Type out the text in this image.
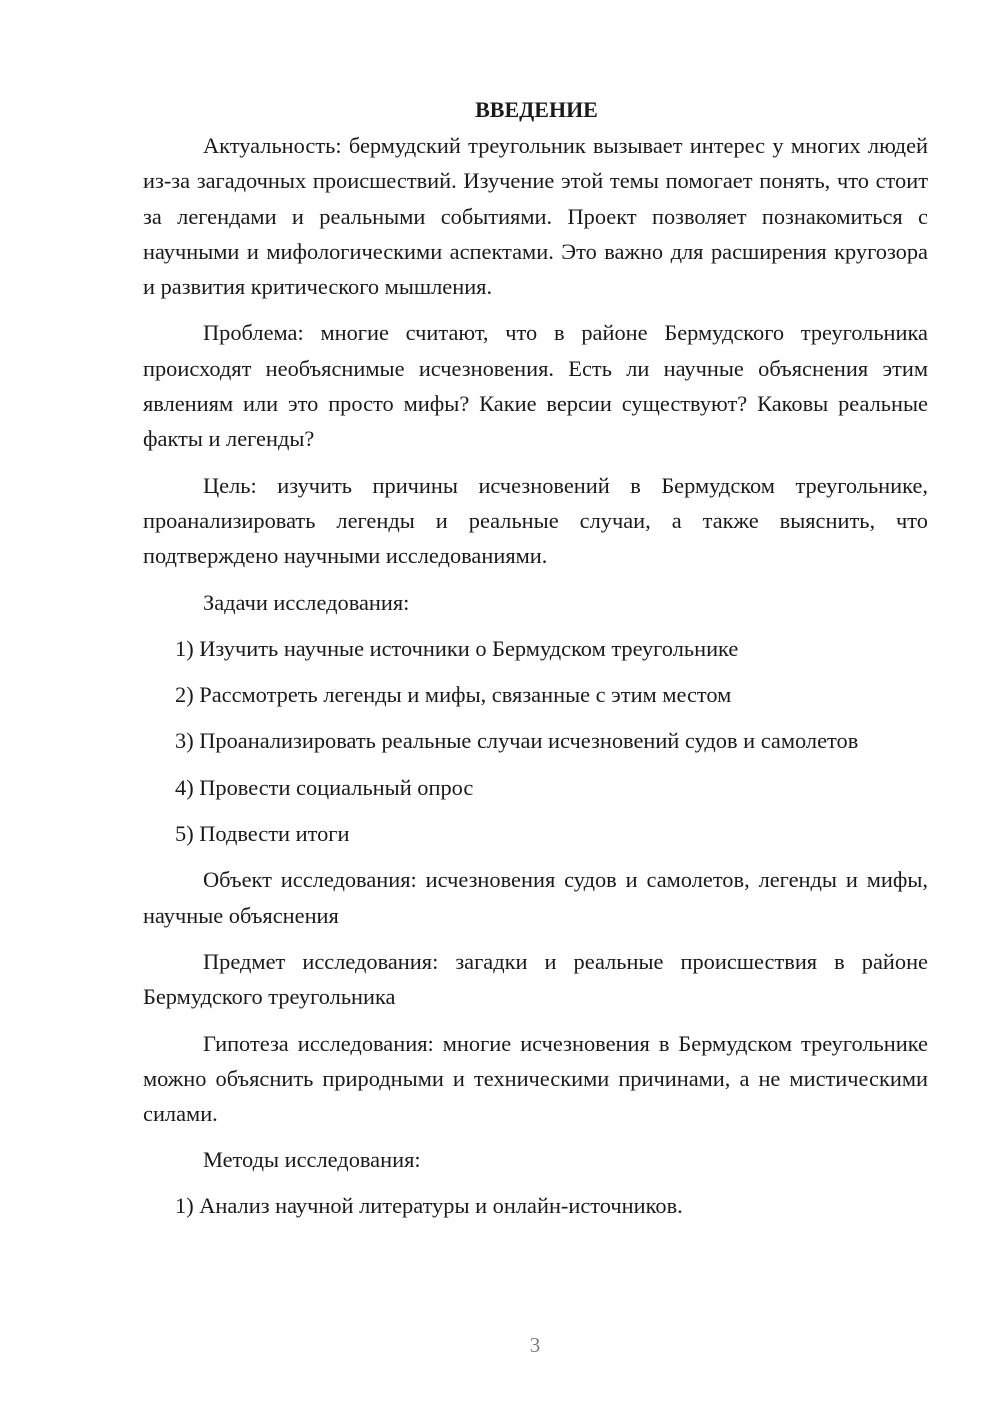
ВВЕДЕНИЕ

Актуальность: бермудский треугольник вызывает интерес у многих людей из-за загадочных происшествий. Изучение этой темы помогает понять, что стоит за легендами и реальными событиями. Проект позволяет познакомиться с научными и мифологическими аспектами. Это важно для расширения кругозора и развития критического мышления.

Проблема: многие считают, что в районе Бермудского треугольника происходят необъяснимые исчезновения. Есть ли научные объяснения этим явлениям или это просто мифы? Какие версии существуют? Каковы реальные факты и легенды?

Цель: изучить причины исчезновений в Бермудском треугольнике, проанализировать легенды и реальные случаи, а также выяснить, что подтверждено научными исследованиями.

Задачи исследования:

1) Изучить научные источники о Бермудском треугольнике

2) Рассмотреть легенды и мифы, связанные с этим местом

3) Проанализировать реальные случаи исчезновений судов и самолетов

4) Провести социальный опрос

5) Подвести итоги

Объект исследования: исчезновения судов и самолетов, легенды и мифы, научные объяснения

Предмет исследования: загадки и реальные происшествия в районе Бермудского треугольника

Гипотеза исследования: многие исчезновения в Бермудском треугольнике можно объяснить природными и техническими причинами, а не мистическими силами.

Методы исследования:

1) Анализ научной литературы и онлайн-источников.

3
